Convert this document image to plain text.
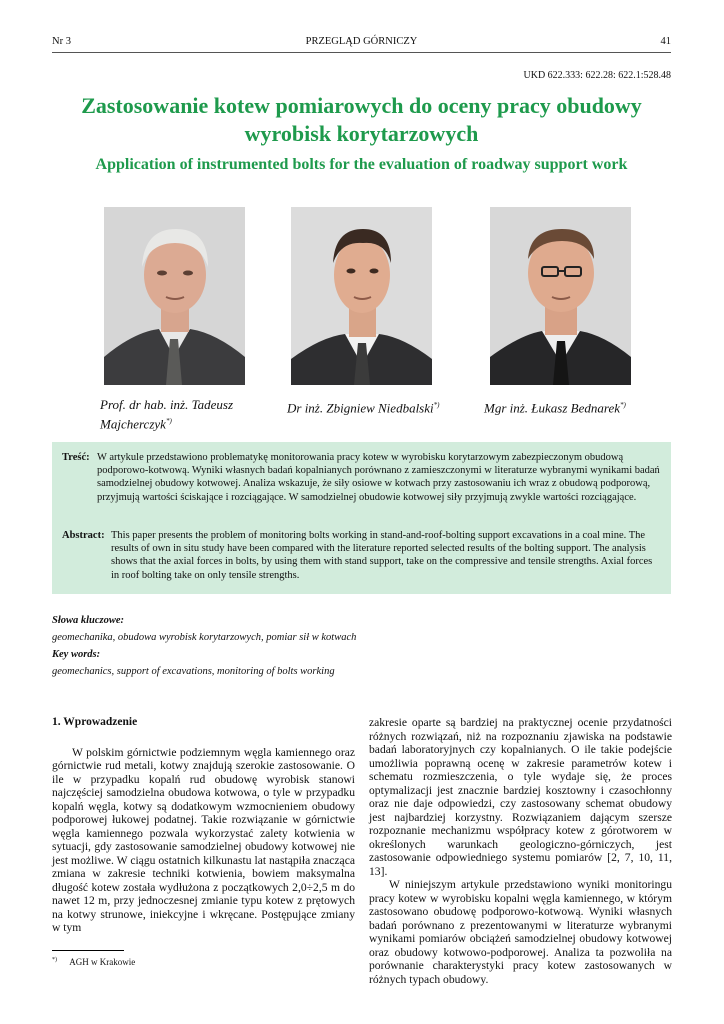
Nr 3	PRZEGLĄD GÓRNICZY	41
UKD 622.333: 622.28: 622.1:528.48
Zastosowanie kotew pomiarowych do oceny pracy obudowy wyrobisk korytarzowych
Application of instrumented bolts for the evaluation of roadway support work
Prof. dr hab. inż. Tadeusz Majcherczyk*)
Dr inż. Zbigniew Niedbalski*)	Mgr inż. Łukasz Bednarek*)
Treść: W artykule przedstawiono problematykę monitorowania pracy kotew w wyrobisku korytarzowym zabezpieczonym obudową podporowo-kotwową. Wyniki własnych badań kopalnianych porównano z zamieszczonymi w literaturze wybranymi wynikami badań samodzielnej obudowy kotwowej. Analiza wskazuje, że siły osiowe w kotwach przy zastosowaniu ich wraz z obudową podporową, przyjmują wartości ściskające i rozciągające. W samodzielnej obudowie kotwowej siły przyjmują zwykle wartości rozciągające.
Abstract: This paper presents the problem of monitoring bolts working in stand-and-roof-bolting support excavations in a coal mine. The results of own in situ study have been compared with the literature reported selected results of the bolting support. The analysis shows that the axial forces in bolts, by using them with stand support, take on the compressive and tensile strengths. Axial forces in roof bolting take on only tensile strengths.
Słowa kluczowe:
geomechanika, obudowa wyrobisk korytarzowych, pomiar sił w kotwach
Key words:
geomechanics, support of excavations, monitoring of bolts working
1. Wprowadzenie

W polskim górnictwie podziemnym węgla kamiennego oraz górnictwie rud metali, kotwy znajdują szerokie zastosowanie. O ile w przypadku kopalń rud obudowę wyrobisk stanowi najczęściej samodzielna obudowa kotwowa, o tyle w przypadku kopalń węgla, kotwy są dodatkowym wzmocnieniem obudowy podporowej łukowej podatnej. Takie rozwiązanie w górnictwie węgla kamiennego pozwala wykorzystać zalety kotwienia w sytuacji, gdy zastosowanie samodzielnej obudowy kotwowej nie jest możliwe. W ciągu ostatnich kilkunastu lat nastąpiła znacząca zmiana w zakresie techniki kotwienia, bowiem maksymalna długość kotew została wydłużona z początkowych 2,0÷2,5 m do nawet 12 m, przy jednoczesnej zmianie typu kotew z prętowych na kotwy strunowe, iniekcyjne i wkręcane. Postępujące zmiany w tym

zakresie oparte są bardziej na praktycznej ocenie przydatności różnych rozwiązań, niż na rozpoznaniu zjawiska na podstawie badań laboratoryjnych czy kopalnianych. O ile takie podejście umożliwia poprawną ocenę w zakresie parametrów kotew i schematu rozmieszczenia, o tyle wydaje się, że proces optymalizacji jest znacznie bardziej kosztowny i czasochłonny oraz nie daje odpowiedzi, czy zastosowany schemat obudowy jest najbardziej korzystny. Rozwiązaniem dającym szersze rozpoznanie mechanizmu współpracy kotew z górotworem w określonych warunkach geologiczno-górniczych, jest zastosowanie odpowiedniego systemu pomiarów [2, 7, 10, 11, 13].

W niniejszym artykule przedstawiono wyniki monitoringu pracy kotew w wyrobisku kopalni węgla kamiennego, w którym zastosowano obudowę podporowo-kotwową. Wyniki własnych badań porównano z prezentowanymi w literaturze wybranymi wynikami pomiarów obciążeń samodzielnej obudowy kotwowej oraz obudowy kotwowo-podporowej. Analiza ta pozwoliła na porównanie charakterystyki pracy kotew zastosowanych w różnych typach obudowy.

*) AGH w Krakowie
